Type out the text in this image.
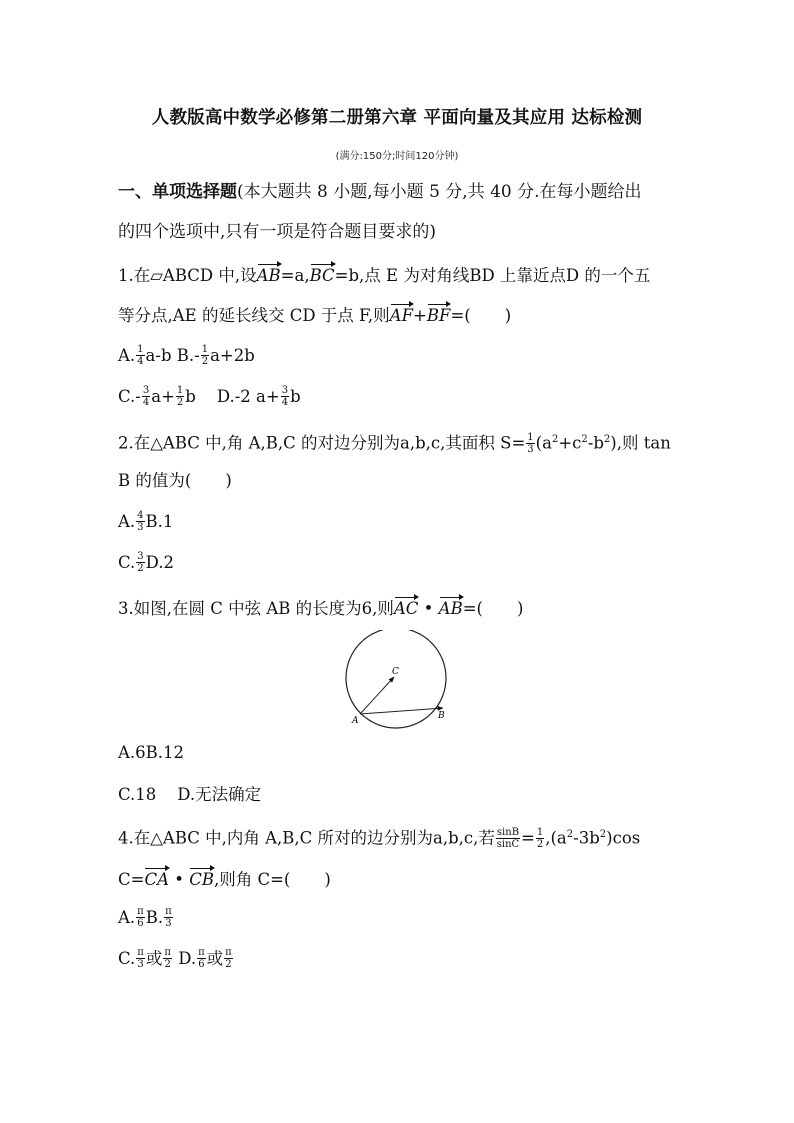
人教版高中数学必修第二册第六章 平面向量及其应用 达标检测
(满分:150分;时间120分钟)
一、单项选择题(本大题共 8 小题,每小题 5 分,共 40 分.在每小题给出
的四个选项中,只有一项是符合题目要求的)
1.在▱ABCD 中,设AB=a,BC=b,点 E 为对角线BD 上靠近点D 的一个五
等分点,AE 的延长线交 CD 于点 F,则AF+BF=( )
A. $\frac{1}{4} a-b$ $B.- \frac{1}{2} a+2b$
$C.- \frac{3}{4} a+ \frac{1}{2}$ b    D.-2 $a+ \frac{3}{4}$ b
2.在△ABC 中,角 A,B,C 的对边分别为a,b,c,其面积 $S= \frac{1}{3} (a^2+c^2-b^2)$,则 tan
B 的值为( )
A. $\frac{4}{3} B.1$
C. $\frac{3}{2} D.2$
3.如图,在圆 C 中弦 AB 的长度为6,则AC • AB=( )
C
A	B
A.6B.12
C.18    D.无法确定
4.在△ABC 中,内角 A,B,C 所对的边分别为a,b,c,若 $\frac{\sin B}{\sin C} = \frac{1}{2} ,(a^2-3b^2)\cos$
C=CA • CB,则角 C=( )
A. $\frac{\pi}{6} B$. $\frac{\pi}{3}$
C. $\frac{\pi}{3}$ 或 $\frac{\pi}{2} D$. $\frac{\pi}{6}$ 或 $\frac{\pi}{2}$
